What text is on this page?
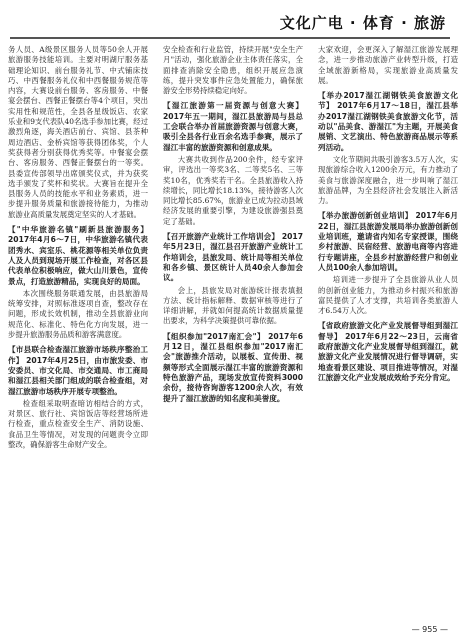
文化广电 · 体育 · 旅游

务人员、A级景区服务人员等50余人开展旅游服务技能培训。主要对明湖厅服务基础理论知识、前台服务礼节、中式铺床技巧、中西餐服务礼仪和中西餐服务规范等内容，大赛设前台服务、客房服务、中餐宴会摆台、西餐正餐摆台等4个项目，突出实用性和规范性，全县各星级饭店、农家乐业和9支代表队40名选手参加比赛，经过激烈角逐，海关酒店前台、宾馆、县茶种周边酒店、金桥宾馆等获得团体奖，个人奖获得者分别获得优秀奖等。中餐宴会摆台、客房服务、西餐正餐摆台的一等奖。县委宣传部领导出席颁奖仪式，并为获奖选手颁发了奖杯和奖状。大赛旨在提升全县服务人员的技能水平和业务素质，进一步提升服务质量和旅游接待能力，为推动旅游业高质量发展奠定坚实的人才基础。

【"中华旅游名镇"刷新县旅游服务】 2017年4月6～7日，中华旅游名镇代表团秀水、宾室乐、桃花源等相关单位负责人及人员到现场开展工作检查，对各区县代表单位积极响应，做大山川景色，宣传景点，打造旅游精品，实现良好的局面。

本次围绕服务联通发展，由县旅游局统筹安排，对照标准逐项自查，整改存在问题，形成长效机制，推动全县旅游业向规范化、标准化、特色化方向发展，进一步提升旅游服务品质和游客满意度。

【市县联合检查湿江旅游市场秩序整治工作】 2017年4月25日，由市旅发委、市安委员、市文化局、市交通局、市工商局和湿江县相关部门组成的联合检查组，对湿江旅游市场秩序开展专项整治。

检查组采取明查暗访相结合的方式，对景区、旅行社、宾馆饭店等经营场所进行检查，重点检查安全生产、消防设施、食品卫生等情况，对发现的问题责令立即整改，确保游客生命财产安全。

安全检查和行业监管，持续开展"安全生产月"活动，强化旅游企业主体责任落实，全面排查消除安全隐患，组织开展应急演练，提升突发事件应急处置能力，确保旅游安全形势持续稳定向好。

【湿江旅游第一届资源与创意大赛】 2017年五一期间，湿江县旅游局与县总工会联合举办首届旅游资源与创意大赛，吸引全县各行业百余名选手参赛，展示了湿江丰富的旅游资源和创意成果。

大赛共收到作品200余件，经专家评审，评选出一等奖3名、二等奖5名、三等奖10名，优秀奖若干名。全县旅游收入持续增长，同比增长18.13%，接待游客人次同比增长85.67%，旅游业已成为拉动县域经济发展的重要引擎，为建设旅游强县奠定了基础。

【召开旅游产业统计工作培训会】 2017年5月23日，湿江县召开旅游产业统计工作培训会，县旅发局、统计局等相关单位和各乡镇、景区统计人员40余人参加会议。

会上，县旅发局对旅游统计报表填报方法、统计指标解释、数据审核等进行了详细讲解，并就如何提高统计数据质量提出要求，为科学决策提供可靠依据。

【组织参加"2017南汇会"】 2017年6月12日，湿江县组织参加"2017南汇会"旅游推介活动，以展板、宣传册、视频等形式全面展示湿江丰富的旅游资源和特色旅游产品，现场发放宣传资料3000余份，接待咨询游客1200余人次，有效提升了湿江旅游的知名度和美誉度。

大家欢迎，会更深入了解湿江旅游发展理念，进一步推动旅游产业转型升级，打造全域旅游新格局，实现旅游业高质量发展。

【举办2017湿江湖钢铁美食旅游文化节】 2017年6月17～18日，湿江县举办2017湿江湖钢铁美食旅游文化节，活动以"品美食、游湿江"为主题，开展美食展销、文艺演出、特色旅游商品展示等系列活动。

文化节期间共吸引游客3.5万人次，实现旅游综合收入1200余万元，有力推动了美食与旅游深度融合，进一步叫响了湿江旅游品牌，为全县经济社会发展注入新活力。

【举办旅游创新创业培训】 2017年6月22日，湿江县旅游发展局举办旅游创新创业培训班，邀请省内知名专家授课，围绕乡村旅游、民宿经营、旅游电商等内容进行专题讲座，全县乡村旅游经营户和创业人员100余人参加培训。

培训进一步提升了全县旅游从业人员的创新创业能力，为推动乡村振兴和旅游富民提供了人才支撑，共培训各类旅游人才6.54万人次。

【省政府旅游文化产业发展督导组到湿江督导】 2017年6月22～23日，云南省政府旅游文化产业发展督导组到湿江，就旅游文化产业发展情况进行督导调研，实地查看景区建设、项目推进等情况，对湿江旅游文化产业发展成效给予充分肯定。
— 955 —
